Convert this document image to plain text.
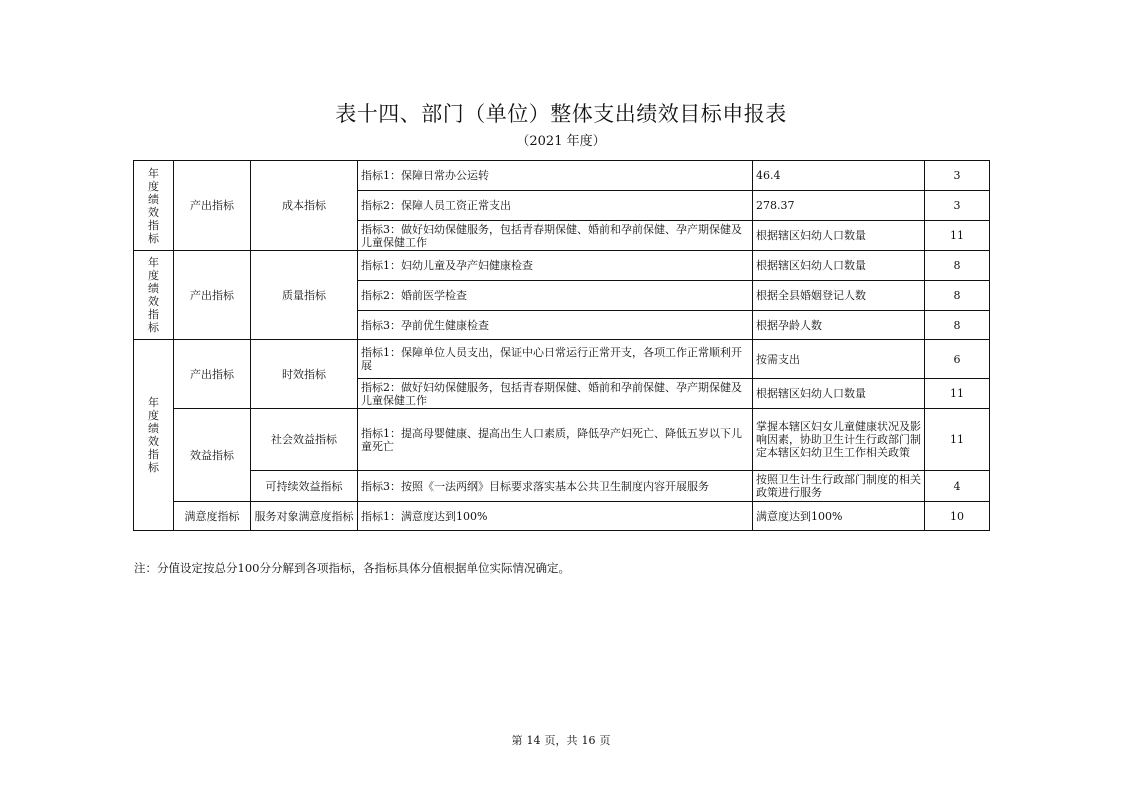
表十四、部门（单位）整体支出绩效目标申报表
（2021 年度）
年度绩效指标	产出指标	成本指标	指标1：保障日常办公运转	46.4	3
			指标2：保障人员工资正常支出	278.37	3
			指标3：做好妇幼保健服务，包括青春期保健、婚前和孕前保健、孕产期保健及儿童保健工作	根据辖区妇幼人口数量	11
年度绩效指标	产出指标	质量指标	指标1：妇幼儿童及孕产妇健康检查	根据辖区妇幼人口数量	8
			指标2：婚前医学检查	根据全县婚姻登记人数	8
			指标3：孕前优生健康检查	根据孕龄人数	8
年度绩效指标	产出指标	时效指标	指标1：保障单位人员支出，保证中心日常运行正常开支，各项工作正常顺利开展	按需支出	6
			指标2：做好妇幼保健服务，包括青春期保健、婚前和孕前保健、孕产期保健及儿童保健工作	根据辖区妇幼人口数量	11
	效益指标	社会效益指标	指标1：提高母婴健康、提高出生人口素质，降低孕产妇死亡、降低五岁以下儿童死亡	掌握本辖区妇女儿童健康状况及影响因素，协助卫生计生行政部门制定本辖区妇幼卫生工作相关政策	11
		可持续效益指标	指标3：按照《一法两纲》目标要求落实基本公共卫生制度内容开展服务	按照卫生计生行政部门制度的相关政策进行服务	4
	满意度指标	服务对象满意度指标	指标1：满意度达到100%	满意度达到100%	10
注：分值设定按总分100分分解到各项指标，各指标具体分值根据单位实际情况确定。
第 14 页，共 16 页
